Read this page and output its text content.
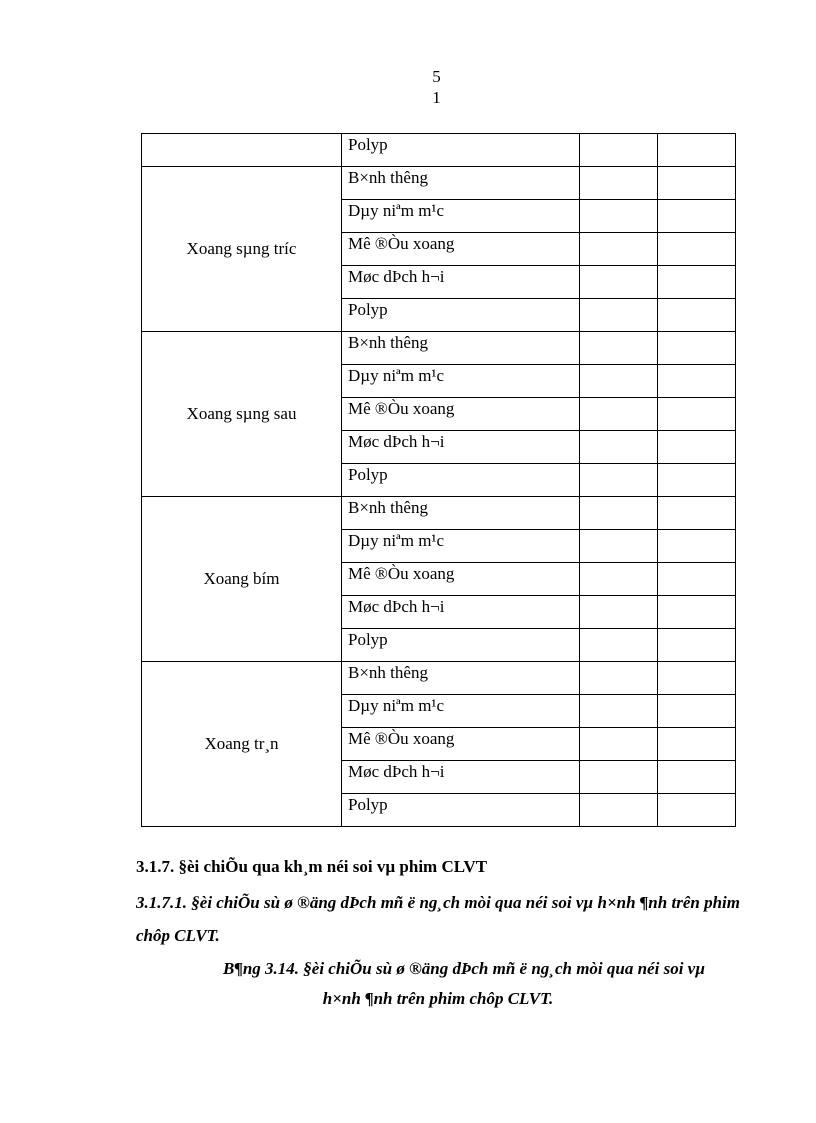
5
1
	Polyp		
Xoang sµng tríc	B×nh thêng		
	Dµy niªm m¹c		
	Mê ®Òu xoang		
	Møc dÞch h¬i		
	Polyp		
Xoang sµng sau	B×nh thêng		
	Dµy niªm m¹c		
	Mê ®Òu xoang		
	Møc dÞch h¬i		
	Polyp		
Xoang bím	B×nh thêng		
	Dµy niªm m¹c		
	Mê ®Òu xoang		
	Møc dÞch h¬i		
	Polyp		
Xoang tr¸n	B×nh thêng		
	Dµy niªm m¹c		
	Mê ®Òu xoang		
	Møc dÞch h¬i		
	Polyp		
3.1.7. §èi chiÕu qua kh¸m néi soi vµ phim CLVT
3.1.7.1. §èi chiÕu sù ø ®äng dÞch mñ ë ng¸ch mòi qua néi soi vµ h×nh ¶nh trên phim chôp CLVT.
B¶ng 3.14. §èi chiÕu sù ø ®äng dÞch mñ ë ng¸ch mòi qua néi soi vµ
h×nh ¶nh trên phim chôp CLVT.
